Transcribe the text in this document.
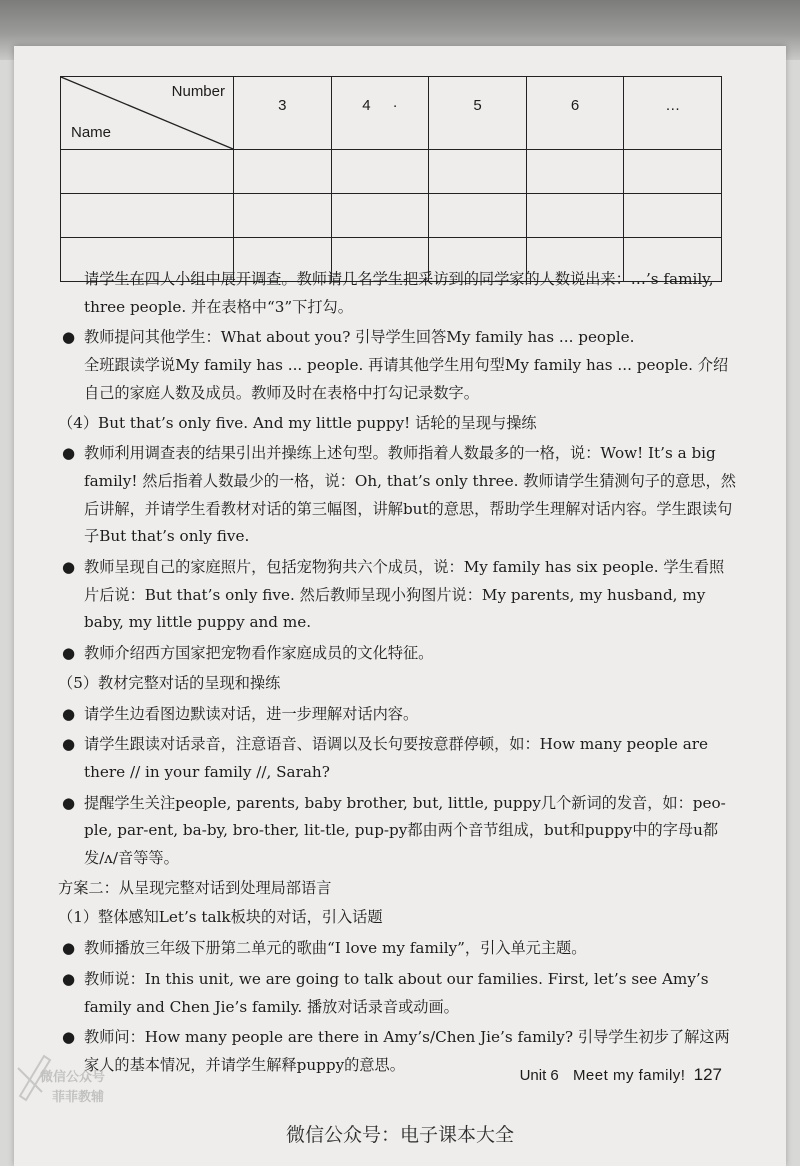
Number
Name	3	4 ·	5	6	…

请学生在四人小组中展开调查。教师请几名学生把采访到的同学家的人数说出来：…’s family, three people. 并在表格中“3”下打勾。

● 教师提问其他学生：What about you? 引导学生回答My family has ... people.

全班跟读学说My family has ... people. 再请其他学生用句型My family has ... people. 介绍自己的家庭人数及成员。教师及时在表格中打勾记录数字。

（4）But that’s only five. And my little puppy! 话轮的呈现与操练

● 教师利用调查表的结果引出并操练上述句型。教师指着人数最多的一格，说：Wow! It’s a big family! 然后指着人数最少的一格，说：Oh, that’s only three. 教师请学生猜测句子的意思，然后讲解，并请学生看教材对话的第三幅图，讲解but的意思，帮助学生理解对话内容。学生跟读句子But that’s only five.

● 教师呈现自己的家庭照片，包括宠物狗共六个成员，说：My family has six people. 学生看照片后说：But that’s only five. 然后教师呈现小狗图片说：My parents, my husband, my baby, my little puppy and me.

● 教师介绍西方国家把宠物看作家庭成员的文化特征。

（5）教材完整对话的呈现和操练

● 请学生边看图边默读对话，进一步理解对话内容。

● 请学生跟读对话录音，注意语音、语调以及长句要按意群停顿，如：How many people are there // in your family //, Sarah?

● 提醒学生关注people, parents, baby brother, but, little, puppy几个新词的发音，如：peo-ple, par-ent, ba-by, bro-ther, lit-tle, pup-py都由两个音节组成，but和puppy中的字母u都发/ʌ/音等等。

方案二：从呈现完整对话到处理局部语言

（1）整体感知Let’s talk板块的对话，引入话题

● 教师播放三年级下册第二单元的歌曲“I love my family”，引入单元主题。

● 教师说：In this unit, we are going to talk about our families. First, let’s see Amy’s family and Chen Jie’s family. 播放对话录音或动画。

● 教师问：How many people are there in Amy’s/Chen Jie’s family? 引导学生初步了解这两家人的基本情况，并请学生解释puppy的意思。

微信公众号
菲菲教辅
Unit 6 Meet my family! 127
微信公众号：电子课本大全
